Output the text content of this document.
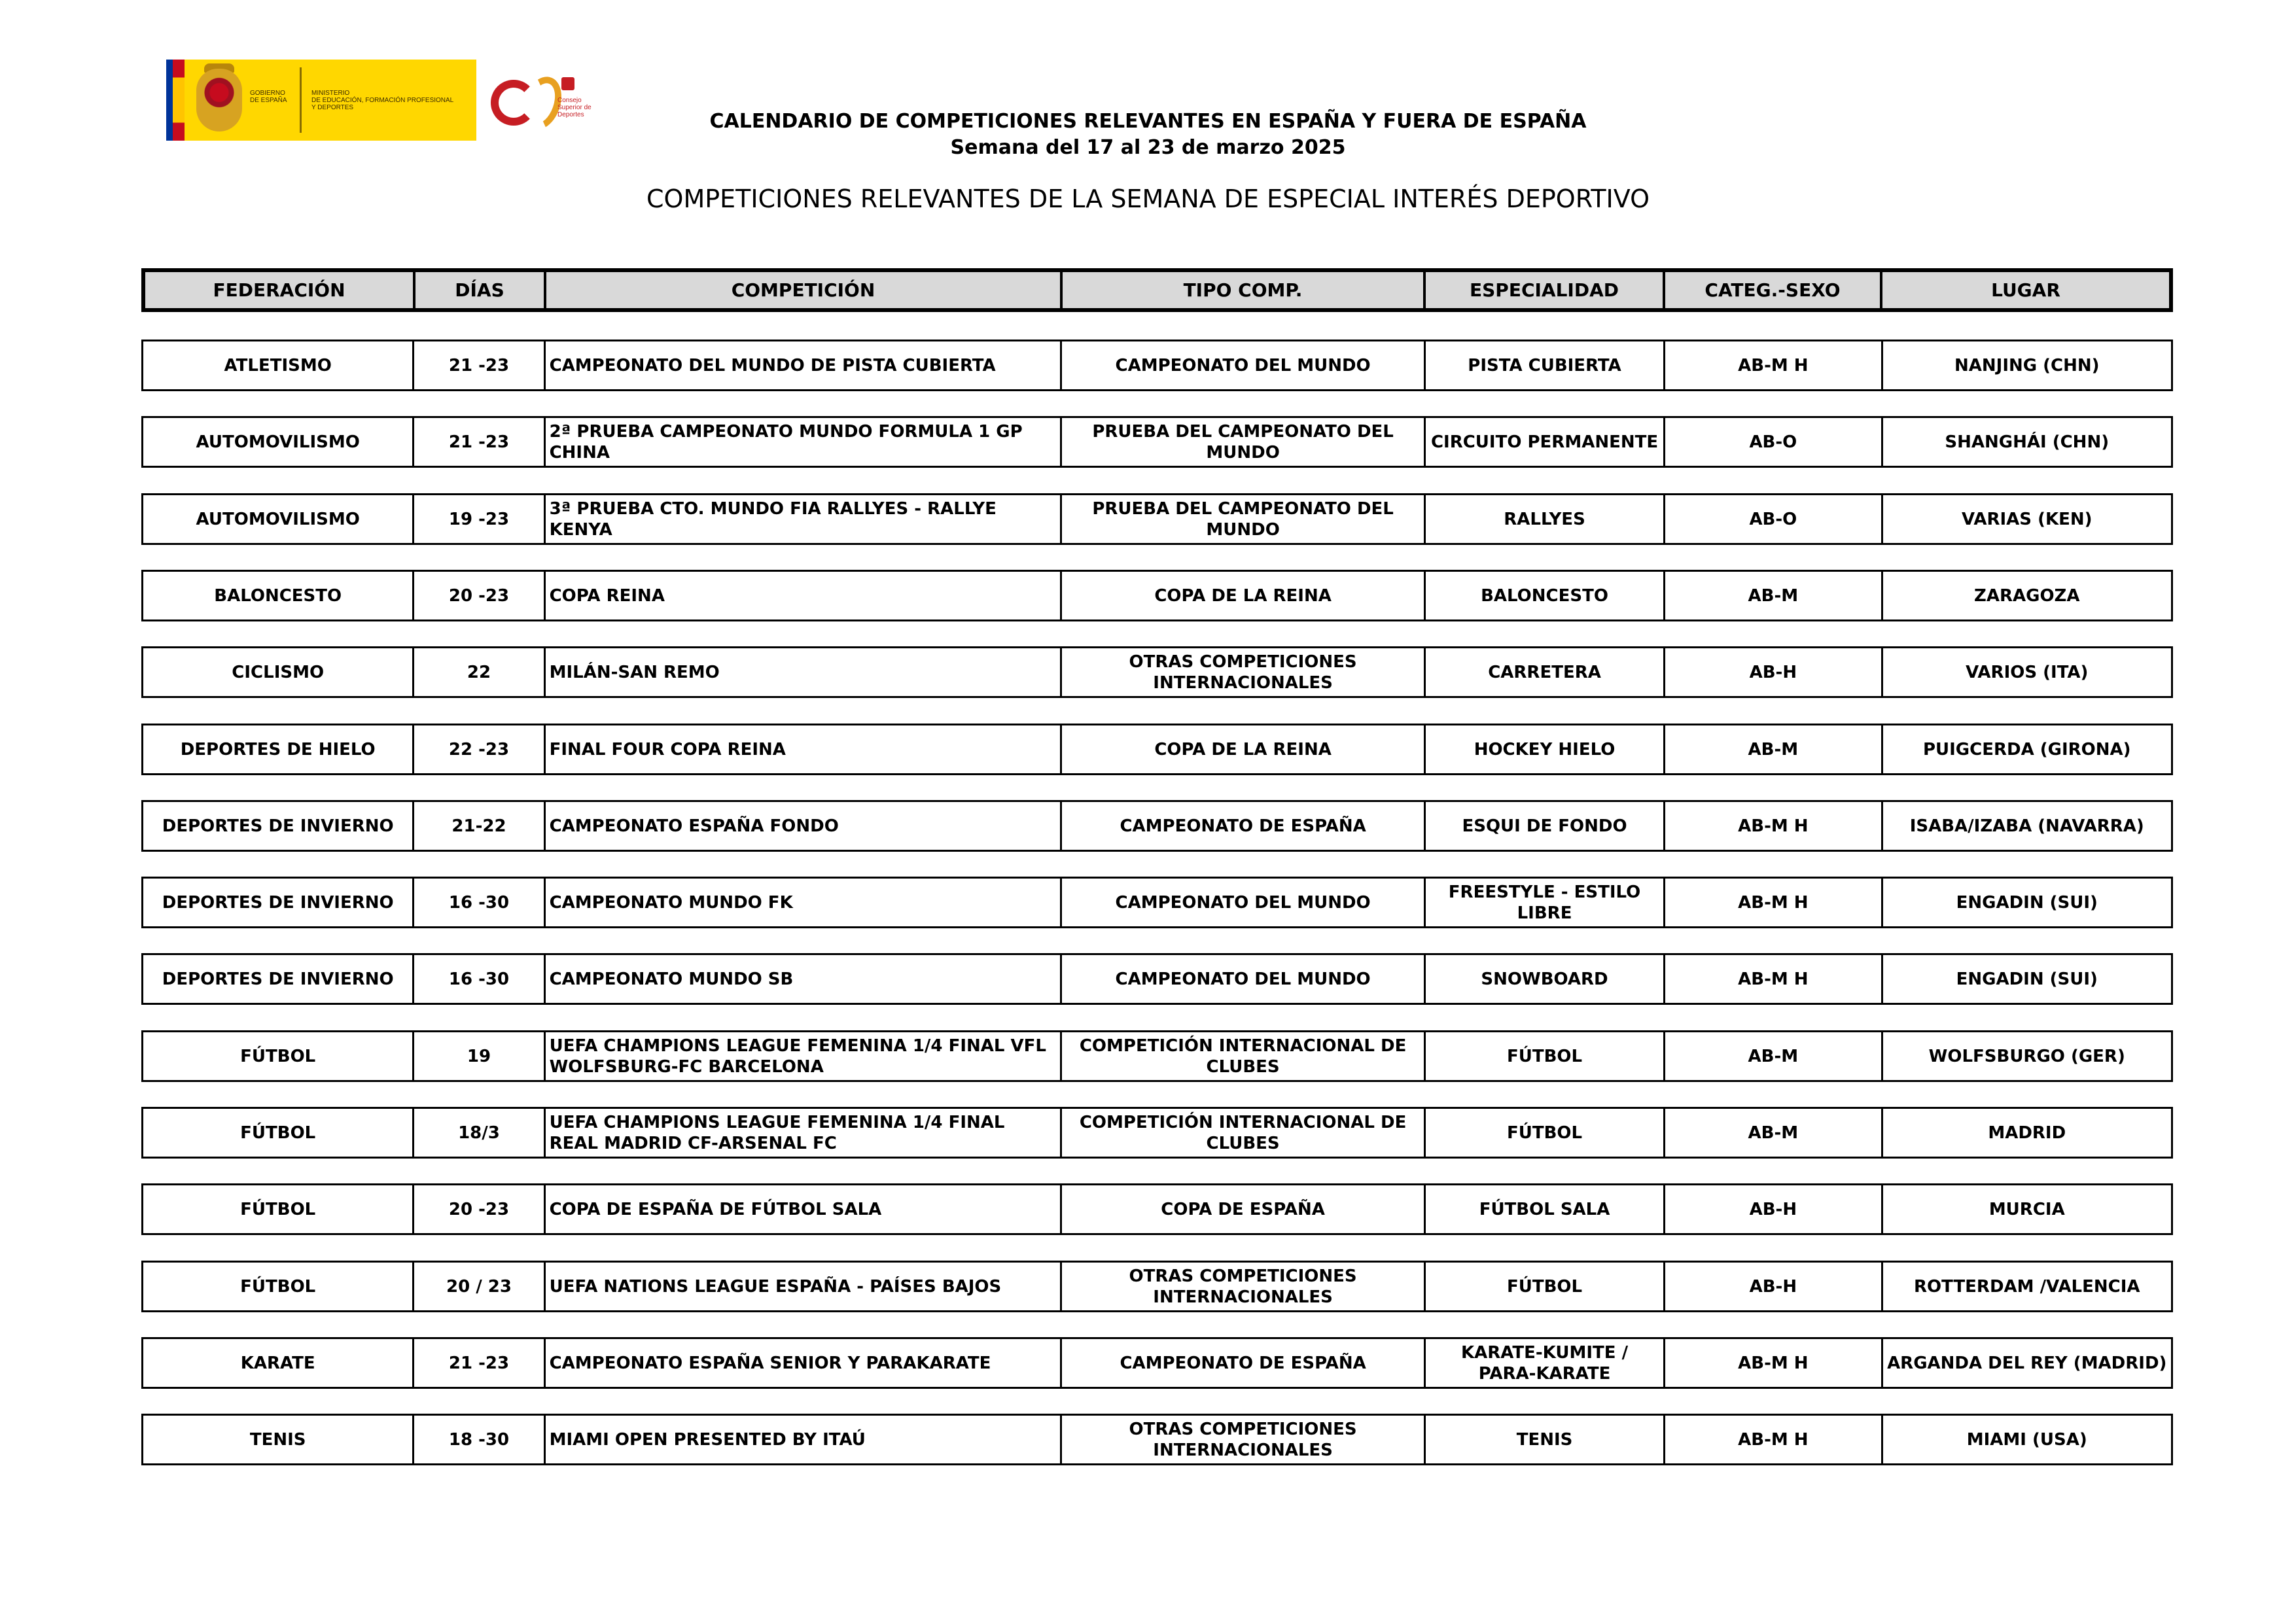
GOBIERNO
DE ESPAÑA
MINISTERIO
DE EDUCACIÓN, FORMACIÓN PROFESIONAL
Y DEPORTES
Consejo
Superior de
Deportes	CALENDARIO DE COMPETICIONES RELEVANTES EN ESPAÑA Y FUERA DE ESPAÑA
Semana del 17 al 23 de marzo 2025
COMPETICIONES RELEVANTES DE LA SEMANA DE ESPECIAL INTERÉS DEPORTIVO
FEDERACIÓN	DÍAS	COMPETICIÓN	TIPO COMP.	ESPECIALIDAD	CATEG.-SEXO	LUGAR
ATLETISMO	21 -23	CAMPEONATO DEL MUNDO DE PISTA CUBIERTA	CAMPEONATO DEL MUNDO	PISTA CUBIERTA	AB-M H	NANJING (CHN)
AUTOMOVILISMO	21 -23	2ª PRUEBA CAMPEONATO MUNDO FORMULA 1 GP CHINA	PRUEBA DEL CAMPEONATO DEL MUNDO	CIRCUITO PERMANENTE	AB-O	SHANGHÁI (CHN)
AUTOMOVILISMO	19 -23	3ª PRUEBA CTO. MUNDO FIA RALLYES - RALLYE KENYA	PRUEBA DEL CAMPEONATO DEL MUNDO	RALLYES	AB-O	VARIAS (KEN)
BALONCESTO	20 -23	COPA REINA	COPA DE LA REINA	BALONCESTO	AB-M	ZARAGOZA
CICLISMO	22	MILÁN-SAN REMO	OTRAS COMPETICIONES INTERNACIONALES	CARRETERA	AB-H	VARIOS (ITA)
DEPORTES DE HIELO	22 -23	FINAL FOUR COPA REINA	COPA DE LA REINA	HOCKEY HIELO	AB-M	PUIGCERDA (GIRONA)
DEPORTES DE INVIERNO	21-22	CAMPEONATO ESPAÑA FONDO	CAMPEONATO DE ESPAÑA	ESQUI DE FONDO	AB-M H	ISABA/IZABA (NAVARRA)
DEPORTES DE INVIERNO	16 -30	CAMPEONATO MUNDO FK	CAMPEONATO DEL MUNDO	FREESTYLE - ESTILO LIBRE	AB-M H	ENGADIN (SUI)
DEPORTES DE INVIERNO	16 -30	CAMPEONATO MUNDO SB	CAMPEONATO DEL MUNDO	SNOWBOARD	AB-M H	ENGADIN (SUI)
FÚTBOL	19	UEFA CHAMPIONS LEAGUE FEMENINA 1/4 FINAL VFL WOLFSBURG-FC BARCELONA	COMPETICIÓN INTERNACIONAL DE CLUBES	FÚTBOL	AB-M	WOLFSBURGO (GER)
FÚTBOL	18/3	UEFA CHAMPIONS LEAGUE FEMENINA 1/4 FINAL REAL MADRID CF-ARSENAL FC	COMPETICIÓN INTERNACIONAL DE CLUBES	FÚTBOL	AB-M	MADRID
FÚTBOL	20 -23	COPA DE ESPAÑA DE FÚTBOL SALA	COPA DE ESPAÑA	FÚTBOL SALA	AB-H	MURCIA
FÚTBOL	20 / 23	UEFA NATIONS LEAGUE ESPAÑA - PAÍSES BAJOS	OTRAS COMPETICIONES INTERNACIONALES	FÚTBOL	AB-H	ROTTERDAM /VALENCIA
KARATE	21 -23	CAMPEONATO ESPAÑA SENIOR Y PARAKARATE	CAMPEONATO DE ESPAÑA	KARATE-KUMITE / PARA-KARATE	AB-M H	ARGANDA DEL REY (MADRID)
TENIS	18 -30	MIAMI OPEN PRESENTED BY ITAÚ	OTRAS COMPETICIONES INTERNACIONALES	TENIS	AB-M H	MIAMI (USA)
